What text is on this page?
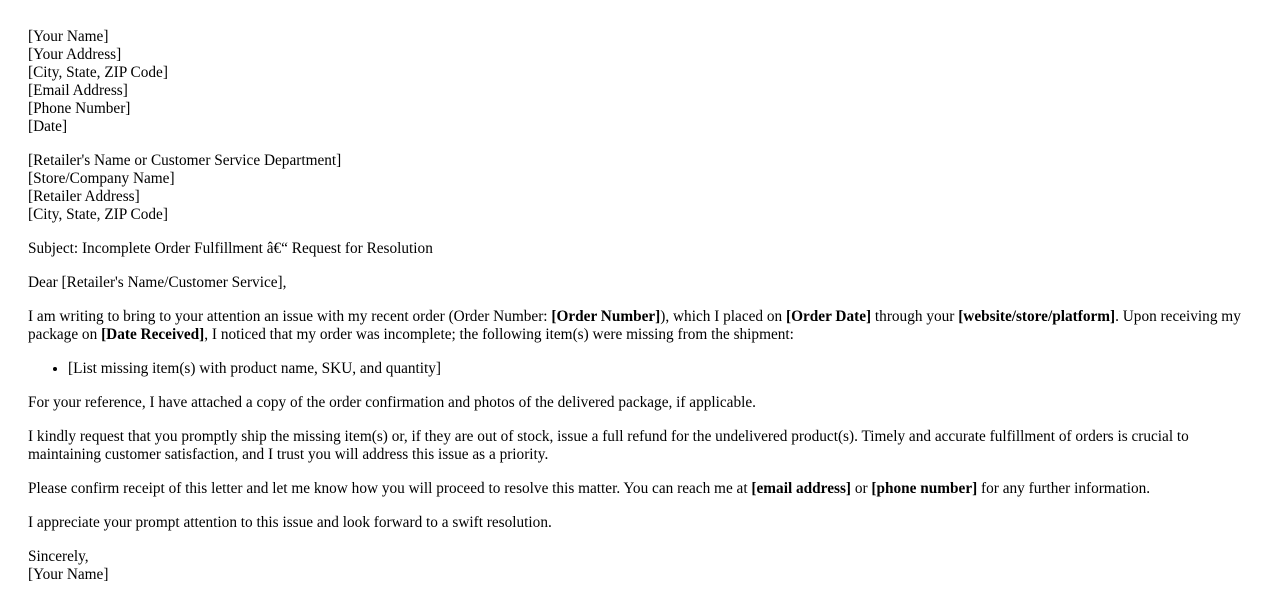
[Your Name]
[Your Address]
[City, State, ZIP Code]
[Email Address]
[Phone Number]
[Date]
[Retailer's Name or Customer Service Department]
[Store/Company Name]
[Retailer Address]
[City, State, ZIP Code]

Subject: Incomplete Order Fulfillment â€“ Request for Resolution

Dear [Retailer's Name/Customer Service],

I am writing to bring to your attention an issue with my recent order (Order Number: [Order Number]), which I placed on [Order Date] through your [website/store/platform]. Upon receiving my package on [Date Received], I noticed that my order was incomplete; the following item(s) were missing from the shipment:

• [List missing item(s) with product name, SKU, and quantity]

For your reference, I have attached a copy of the order confirmation and photos of the delivered package, if applicable.

I kindly request that you promptly ship the missing item(s) or, if they are out of stock, issue a full refund for the undelivered product(s). Timely and accurate fulfillment of orders is crucial to maintaining customer satisfaction, and I trust you will address this issue as a priority.

Please confirm receipt of this letter and let me know how you will proceed to resolve this matter. You can reach me at [email address] or [phone number] for any further information.

I appreciate your prompt attention to this issue and look forward to a swift resolution.

Sincerely,
[Your Name]
